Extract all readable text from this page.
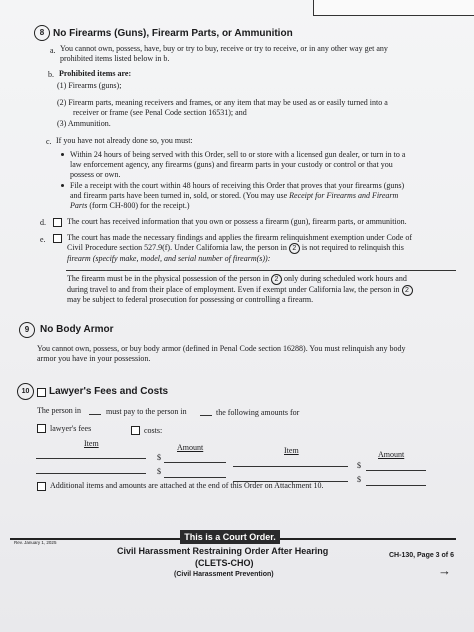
8 No Firearms (Guns), Firearm Parts, or Ammunition
a. You cannot own, possess, have, buy or try to buy, receive or try to receive, or in any other way get any
prohibited items listed below in b.
b. Prohibited items are:
(1) Firearms (guns);
(2) Firearm parts, meaning receivers and frames, or any item that may be used as or easily turned into a
receiver or frame (see Penal Code section 16531); and
(3) Ammunition.
c. If you have not already done so, you must:
Within 24 hours of being served with this Order, sell to or store with a licensed gun dealer, or turn in to a
law enforcement agency, any firearms (guns) and firearm parts in your custody or control or that you
possess or own.
File a receipt with the court within 48 hours of receiving this Order that proves that your firearms (guns)
and firearm parts have been turned in, sold, or stored. (You may use Receipt for Firearms and Firearm
Parts (form CH-800) for the receipt.)
d.	The court has received information that you own or possess a firearm (gun), firearm parts, or ammunition.
e.	The court has made the necessary findings and applies the firearm relinquishment exemption under Code of
Civil Procedure section 527.9(f). Under California law, the person in 2 is not required to relinquish this
firearm (specify make, model, and serial number of firearm(s)):
The firearm must be in the physical possession of the person in 2 only during scheduled work hours and
during travel to and from their place of employment. Even if exempt under California law, the person in 2
may be subject to federal prosecution for possessing or controlling a firearm.
9	No Body Armor
You cannot own, possess, or buy body armor (defined in Penal Code section 16288). You must relinquish any body
armor you have in your possession.
10	Lawyer's Fees and Costs
The person in	must pay to the person in	the following amounts for
lawyer's fees	costs:
Item	Amount	Item	Amount
$
$
$
$
Additional items and amounts are attached at the end of this Order on Attachment 10.
This is a Court Order.
Rev. January 1, 2025
Civil Harassment Restraining Order After Hearing
(CLETS-CHO)
(Civil Harassment Prevention)
CH-130, Page 3 of 6
→
